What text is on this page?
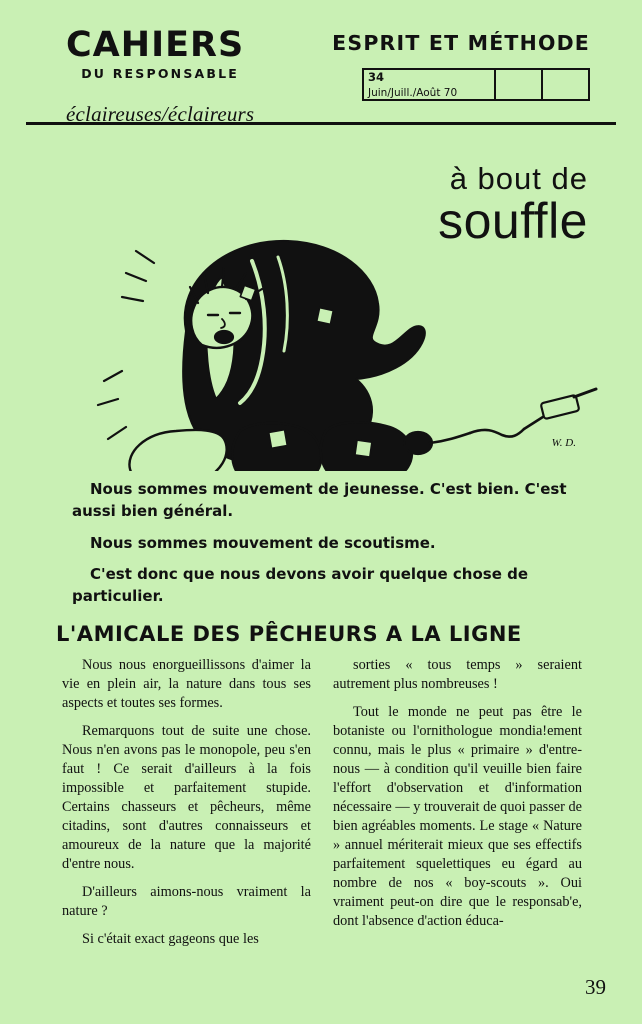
CAHIERS
DU RESPONSABLE
éclaireuses/éclaireurs
ESPRIT ET MÉTHODE
34
Juin/Juill./Août 70
à bout de
souffle
W. D.

Nous sommes mouvement de jeunesse. C'est bien. C'est aussi bien général.

Nous sommes mouvement de scoutisme.

C'est donc que nous devons avoir quelque chose de particulier.

L'AMICALE DES PÊCHEURS A LA LIGNE

Nous nous enorgueillissons d'aimer la vie en plein air, la nature dans tous ses aspects et toutes ses formes.

Remarquons tout de suite une chose. Nous n'en avons pas le monopole, peu s'en faut ! Ce serait d'ailleurs à la fois impossible et parfaitement stupide. Certains chasseurs et pêcheurs, même citadins, sont d'autres connaisseurs et amoureux de la nature que la majorité d'entre nous.

D'ailleurs aimons-nous vraiment la nature ?

Si c'était exact gageons que les

sorties « tous temps » seraient autrement plus nombreuses !

Tout le monde ne peut pas être le botaniste ou l'ornithologue mondia!ement connu, mais le plus « primaire » d'entre-nous — à condition qu'il veuille bien faire l'effort d'observation et d'information nécessaire — y trouverait de quoi passer de bien agréables moments. Le stage « Nature » annuel mériterait mieux que ses effectifs parfaitement squelettiques eu égard au nombre de nos « boy-scouts ». Oui vraiment peut-on dire que le responsab'e, dont l'absence d'action éduca-

39
